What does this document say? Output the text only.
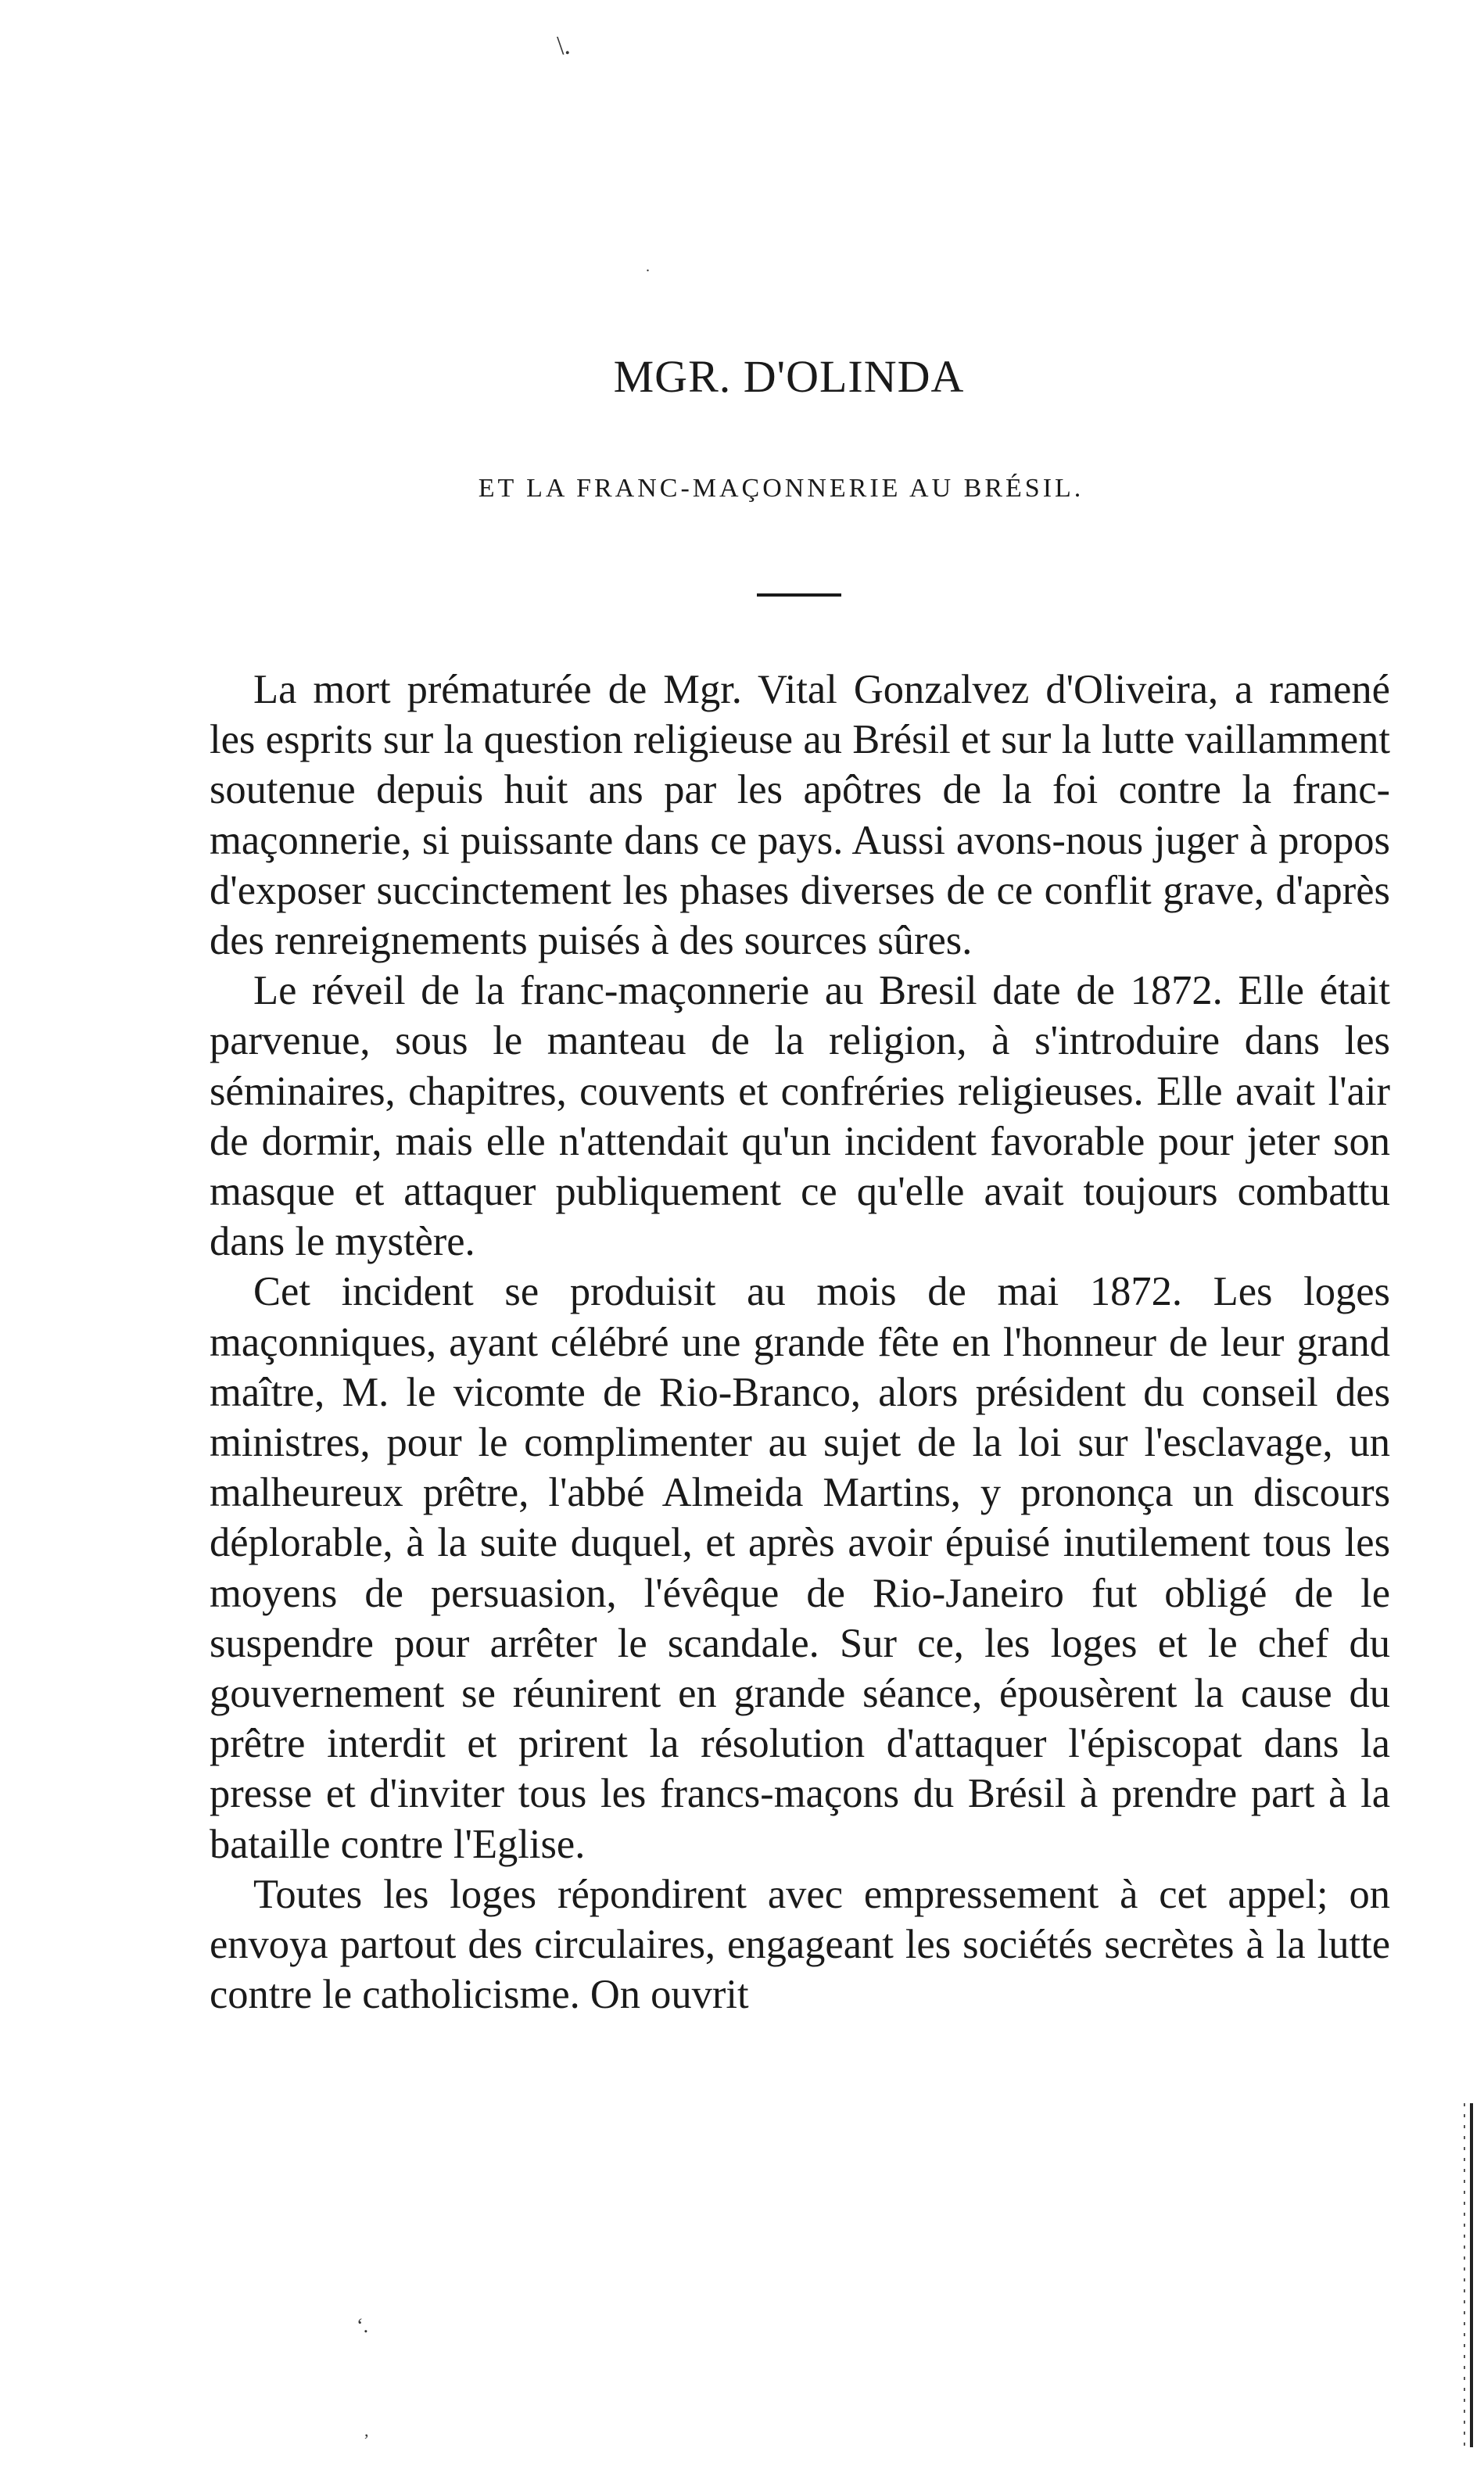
\.
.
MGR. D'OLINDA
ET LA FRANC-MAÇONNERIE AU BRÉSIL.

La mort prématurée de Mgr. Vital Gonzalvez d'Oliveira, a ramené les esprits sur la question religieuse au Brésil et sur la lutte vaillamment soutenue depuis huit ans par les apôtres de la foi contre la franc-maçonnerie, si puissante dans ce pays. Aussi avons-nous juger à propos d'exposer succinctement les phases diverses de ce conflit grave, d'après des renreignements puisés à des sources sûres.

Le réveil de la franc-maçonnerie au Bresil date de 1872. Elle était parvenue, sous le manteau de la religion, à s'introduire dans les séminaires, chapitres, couvents et confréries religieuses. Elle avait l'air de dormir, mais elle n'attendait qu'un incident favorable pour jeter son masque et attaquer publiquement ce qu'elle avait toujours combattu dans le mystère.

Cet incident se produisit au mois de mai 1872. Les loges maçonniques, ayant célébré une grande fête en l'honneur de leur grand maître, M. le vicomte de Rio-Branco, alors président du conseil des ministres, pour le complimenter au sujet de la loi sur l'esclavage, un malheureux prêtre, l'abbé Almeida Martins, y prononça un discours déplorable, à la suite duquel, et après avoir épuisé inutilement tous les moyens de persuasion, l'évêque de Rio-Janeiro fut obligé de le suspendre pour arrêter le scandale. Sur ce, les loges et le chef du gouvernement se réunirent en grande séance, épousèrent la cause du prêtre interdit et prirent la résolution d'attaquer l'épiscopat dans la presse et d'inviter tous les francs-maçons du Brésil à prendre part à la bataille contre l'Eglise.

Toutes les loges répondirent avec empressement à cet appel; on envoya partout des circulaires, engageant les sociétés secrètes à la lutte contre le catholicisme. On ouvrit

‘.
,
